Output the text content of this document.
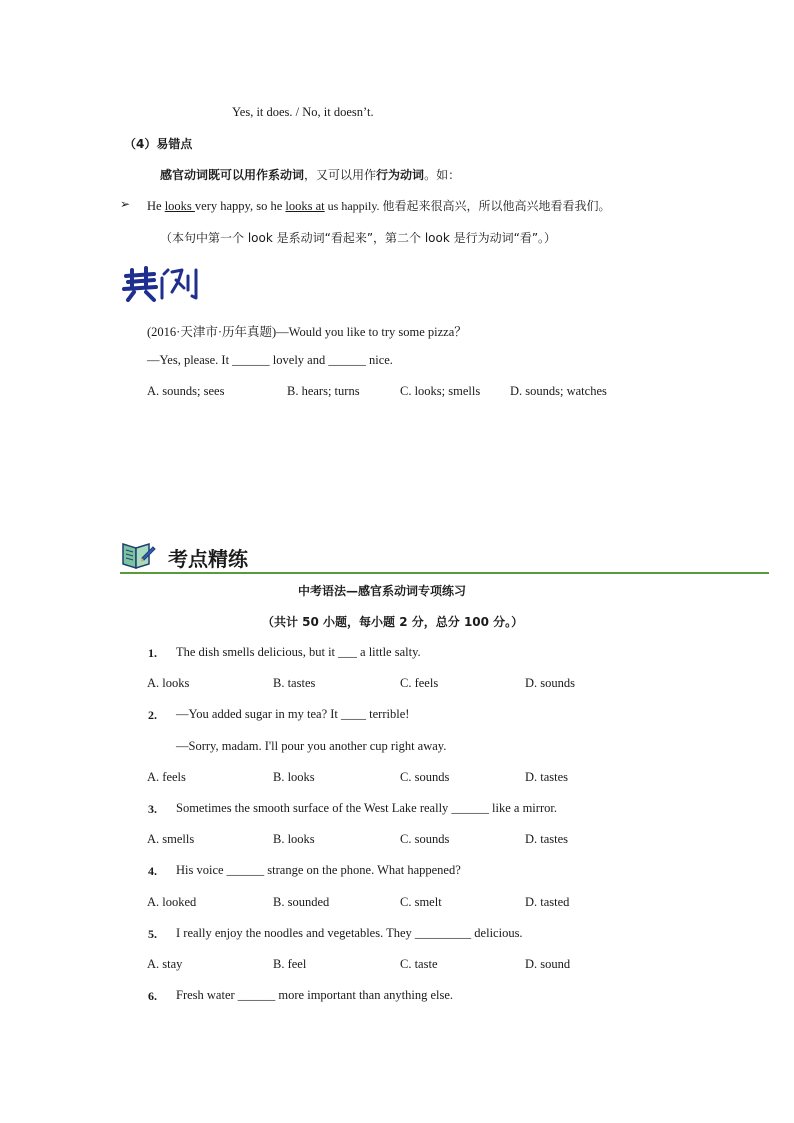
Yes, it does. / No, it doesn’t.
（4）易错点
感官动词既可以用作系动词，又可以用作行为动词。如：
➢ He looks very happy, so he looks at us happily. 他看起来很高兴，所以他高兴地看看我们。
（本句中第一个 look 是系动词“看起来”，第二个 look 是行为动词“看”。）
(2016·天津市·历年真题)—Would you like to try some pizza？
—Yes, please. It ______ lovely and ______ nice.
A. sounds; sees	B. hears; turns	C. looks; smells D. sounds; watches
考点精练
中考语法—感官系动词专项练习
（共计 50 小题，每小题 2 分，总分 100 分。）
1. The dish smells delicious, but it ___ a little salty.
A. looks	B. tastes	C. feels	D. sounds
2. —You added sugar in my tea? It ____ terrible!
—Sorry, madam. I'll pour you another cup right away.
A. feels	B. looks	C. sounds	D. tastes
3. Sometimes the smooth surface of the West Lake really ______ like a mirror.
A. smells	B. looks	C. sounds	D. tastes
4. His voice ______ strange on the phone. What happened?
A. looked	B. sounded	C. smelt	D. tasted
5. I really enjoy the noodles and vegetables. They _________ delicious.
A. stay	B. feel	C. taste	D. sound
6. Fresh water ______ more important than anything else.
